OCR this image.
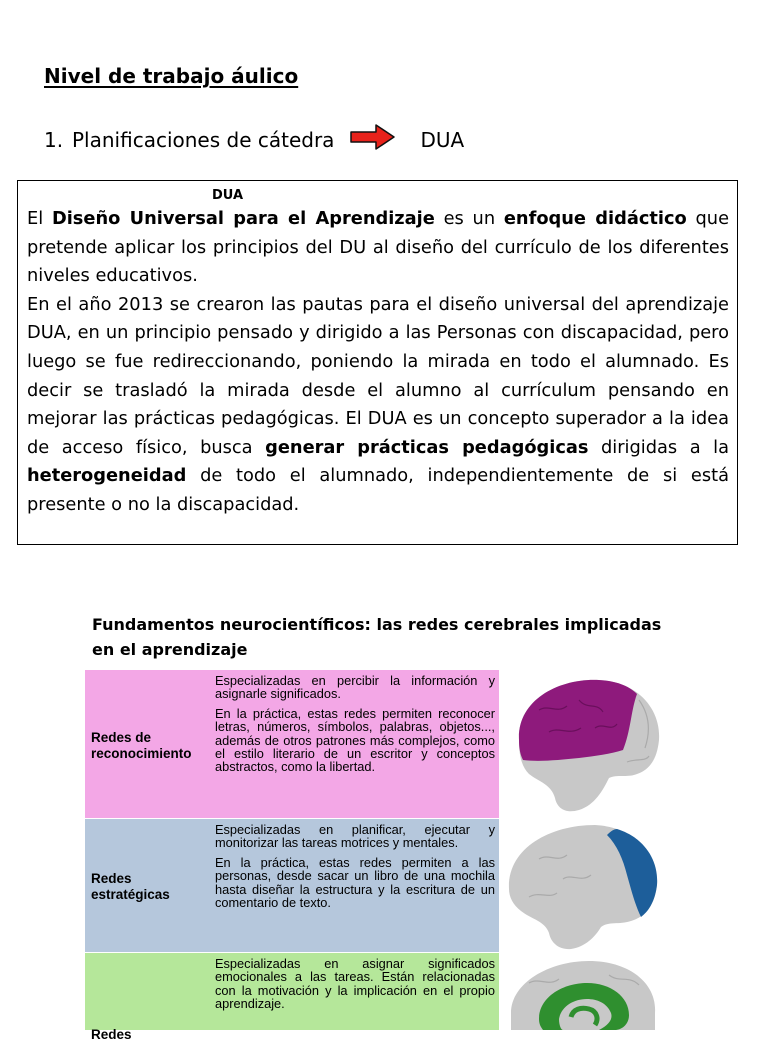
Nivel de trabajo áulico
1. Planificaciones de cátedra	DUA
DUA

El Diseño Universal para el Aprendizaje es un enfoque didáctico que pretende aplicar los principios del DU al diseño del currículo de los diferentes niveles educativos.

En el año 2013 se crearon las pautas para el diseño universal del aprendizaje DUA, en un principio pensado y dirigido a las Personas con discapacidad, pero luego se fue redireccionando, poniendo la mirada en todo el alumnado. Es decir se trasladó la mirada desde el alumno al currículum pensando en mejorar las prácticas pedagógicas. El DUA es un concepto superador a la idea de acceso físico, busca generar prácticas pedagógicas dirigidas a la heterogeneidad de todo el alumnado, independientemente de si está presente o no la discapacidad.

Fundamentos neurocientíficos: las redes cerebrales implicadas en el aprendizaje
Redes de reconocimiento

Especializadas en percibir la información y asignarle significados.

En la práctica, estas redes permiten reconocer letras, números, símbolos, palabras, objetos..., además de otros patrones más complejos, como el estilo literario de un escritor y conceptos abstractos, como la libertad.

Redes estratégicas

Especializadas en planificar, ejecutar y monitorizar las tareas motrices y mentales.

En la práctica, estas redes permiten a las personas, desde sacar un libro de una mochila hasta diseñar la estructura y la escritura de un comentario de texto.

Redes

Especializadas en asignar significados emocionales a las tareas. Están relacionadas con la motivación y la implicación en el propio aprendizaje.
